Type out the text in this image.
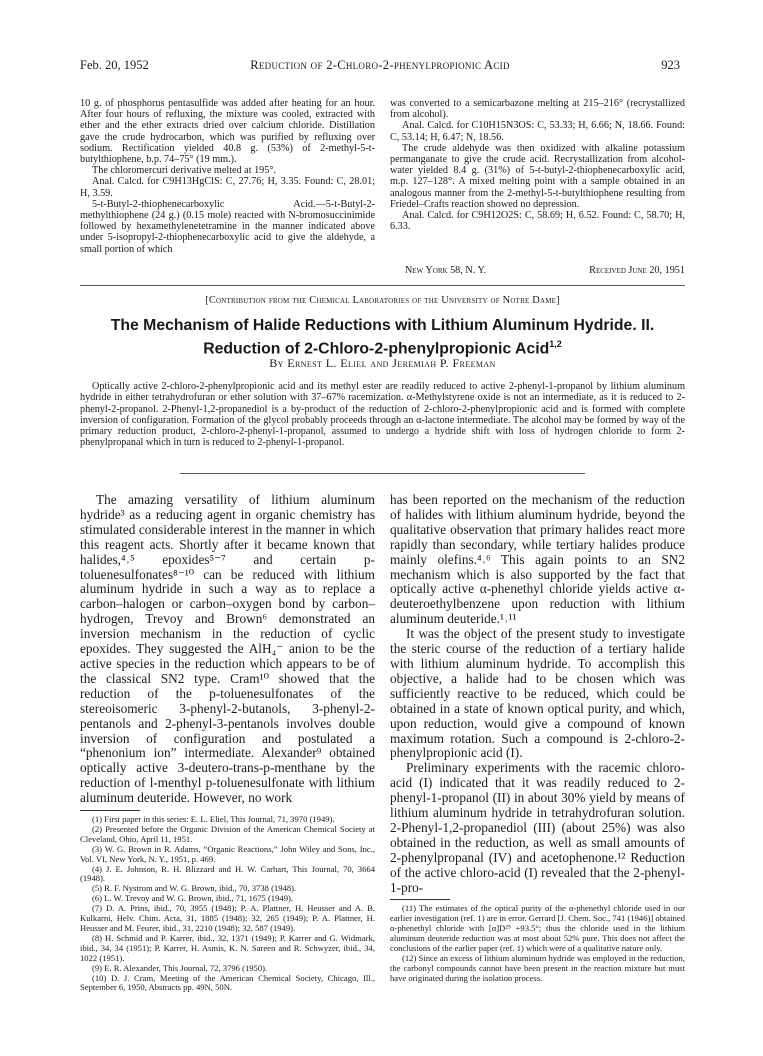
Feb. 20, 1952	Reduction of 2-Chloro-2-phenylpropionic Acid	923

10 g. of phosphorus pentasulfide was added after heating for an hour. After four hours of refluxing, the mixture was cooled, extracted with ether and the ether extracts dried over calcium chloride. Distillation gave the crude hydrocarbon, which was purified by refluxing over sodium. Rectification yielded 40.8 g. (53%) of 2-methyl-5-t-butylthiophene, b.p. 74–75° (19 mm.).

The chloromercuri derivative melted at 195°.

Anal. Calcd. for C9H13HgClS: C, 27.76; H, 3.35. Found: C, 28.01; H, 3.59.

5-t-Butyl-2-thiophenecarboxylic Acid.—5-t-Butyl-2-methylthiophene (24 g.) (0.15 mole) reacted with N-bromosuccinimide followed by hexamethylenetetramine in the manner indicated above under 5-isopropyl-2-thiophenecarboxylic acid to give the aldehyde, a small portion of which

was converted to a semicarbazone melting at 215–216° (recrystallized from alcohol).

Anal. Calcd. for C10H15N3OS: C, 53.33; H, 6.66; N, 18.66. Found: C, 53.14; H, 6.47; N, 18.56.

The crude aldehyde was then oxidized with alkaline potassium permanganate to give the crude acid. Recrystallization from alcohol-water yielded 8.4 g. (31%) of 5-t-butyl-2-thiophenecarboxylic acid, m.p. 127–128°. A mixed melting point with a sample obtained in an analogous manner from the 2-methyl-5-t-butylthiophene resulting from Friedel–Crafts reaction showed no depression.

Anal. Calcd. for C9H12O2S: C, 58.69; H, 6.52. Found: C, 58.70; H, 6.33.

New York 58, N. Y.	Received June 20, 1951
[Contribution from the Chemical Laboratories of the University of Notre Dame]
The Mechanism of Halide Reductions with Lithium Aluminum Hydride. II.
Reduction of 2-Chloro-2-phenylpropionic Acid$^{1,2}$
By Ernest L. Eliel and Jeremiah P. Freeman

Optically active 2-chloro-2-phenylpropionic acid and its methyl ester are readily reduced to active 2-phenyl-1-propanol by lithium aluminum hydride in either tetrahydrofuran or ether solution with 37–67% racemization. α-Methylstyrene oxide is not an intermediate, as it is reduced to 2-phenyl-2-propanol. 2-Phenyl-1,2-propanediol is a by-product of the reduction of 2-chloro-2-phenylpropionic acid and is formed with complete inversion of configuration. Formation of the glycol probably proceeds through an α-lactone intermediate. The alcohol may be formed by way of the primary reduction product, 2-chloro-2-phenyl-1-propanol, assumed to undergo a hydride shift with loss of hydrogen chloride to form 2-phenylpropanal which in turn is reduced to 2-phenyl-1-propanol.

The amazing versatility of lithium aluminum hydride³ as a reducing agent in organic chemistry has stimulated considerable interest in the manner in which this reagent acts. Shortly after it became known that halides,⁴˒⁵ epoxides⁵⁻⁷ and certain p-toluenesulfonates⁸⁻¹⁰ can be reduced with lithium aluminum hydride in such a way as to replace a carbon–halogen or carbon–oxygen bond by carbon–hydrogen, Trevoy and Brown⁶ demonstrated an inversion mechanism in the reduction of cyclic epoxides. They suggested the AlH₄⁻ anion to be the active species in the reduction which appears to be of the classical SN2 type. Cram¹⁰ showed that the reduction of the p-toluenesulfonates of the stereoisomeric 3-phenyl-2-butanols, 3-phenyl-2-pentanols and 2-phenyl-3-pentanols involves double inversion of configuration and postulated a “phenonium ion” intermediate. Alexander⁹ obtained optically active 3-deutero-trans-p-menthane by the reduction of l-menthyl p-toluenesulfonate with lithium aluminum deuteride. However, no work

(1) First paper in this series: E. L. Eliel, This Journal, 71, 3970 (1949).

(2) Presented before the Organic Division of the American Chemical Society at Cleveland, Ohio, April 11, 1951.

(3) W. G. Brown in R. Adams, “Organic Reactions,” John Wiley and Sons, Inc., Vol. VI, New York, N. Y., 1951, p. 469.

(4) J. E. Johnson, R. H. Blizzard and H. W. Carhart, This Journal, 70, 3664 (1948).

(5) R. F. Nystrom and W. G. Brown, ibid., 70, 3738 (1948).

(6) L. W. Trevoy and W. G. Brown, ibid., 71, 1675 (1949).

(7) D. A. Prins, ibid., 70, 3955 (1948); P. A. Plattner, H. Heusser and A. B. Kulkarni, Helv. Chim. Acta, 31, 1885 (1948); 32, 265 (1949); P. A. Plattner, H. Heusser and M. Feurer, ibid., 31, 2210 (1948); 32, 587 (1949).

(8) H. Schmid and P. Karrer, ibid., 32, 1371 (1949); P. Karrer and G. Widmark, ibid., 34, 34 (1951); P. Karrer, H. Asmis, K. N. Sareen and R. Schwyzer, ibid., 34, 1022 (1951).

(9) E. R. Alexander, This Journal, 72, 3796 (1950).

(10) D. J. Cram, Meeting of the American Chemical Society, Chicago, Ill., September 6, 1950, Abstracts pp. 49N, 50N.

has been reported on the mechanism of the reduction of halides with lithium aluminum hydride, beyond the qualitative observation that primary halides react more rapidly than secondary, while tertiary halides produce mainly olefins.⁴˒⁶ This again points to an SN2 mechanism which is also supported by the fact that optically active α-phenethyl chloride yields active α-deuteroethylbenzene upon reduction with lithium aluminum deuteride.¹˒¹¹

It was the object of the present study to investigate the steric course of the reduction of a tertiary halide with lithium aluminum hydride. To accomplish this objective, a halide had to be chosen which was sufficiently reactive to be reduced, which could be obtained in a state of known optical purity, and which, upon reduction, would give a compound of known maximum rotation. Such a compound is 2-chloro-2-phenylpropionic acid (I).

Preliminary experiments with the racemic chloro-acid (I) indicated that it was readily reduced to 2-phenyl-1-propanol (II) in about 30% yield by means of lithium aluminum hydride in tetrahydrofuran solution. 2-Phenyl-1,2-propanediol (III) (about 25%) was also obtained in the reduction, as well as small amounts of 2-phenylpropanal (IV) and acetophenone.¹² Reduction of the active chloro-acid (I) revealed that the 2-phenyl-1-pro-

(11) The estimates of the optical purity of the α-phenethyl chloride used in our earlier investigation (ref. 1) are in error. Gerrard [J. Chem. Soc., 741 (1946)] obtained α-phenethyl chloride with [α]D²⁵ +93.5°; thus the chloride used in the lithium aluminum deuteride reduction was at most about 52% pure. This does not affect the conclusions of the earlier paper (ref. 1) which were of a qualitative nature only.

(12) Since an excess of lithium aluminum hydride was employed in the reduction, the carbonyl compounds cannot have been present in the reaction mixture but must have originated during the isolation process.
